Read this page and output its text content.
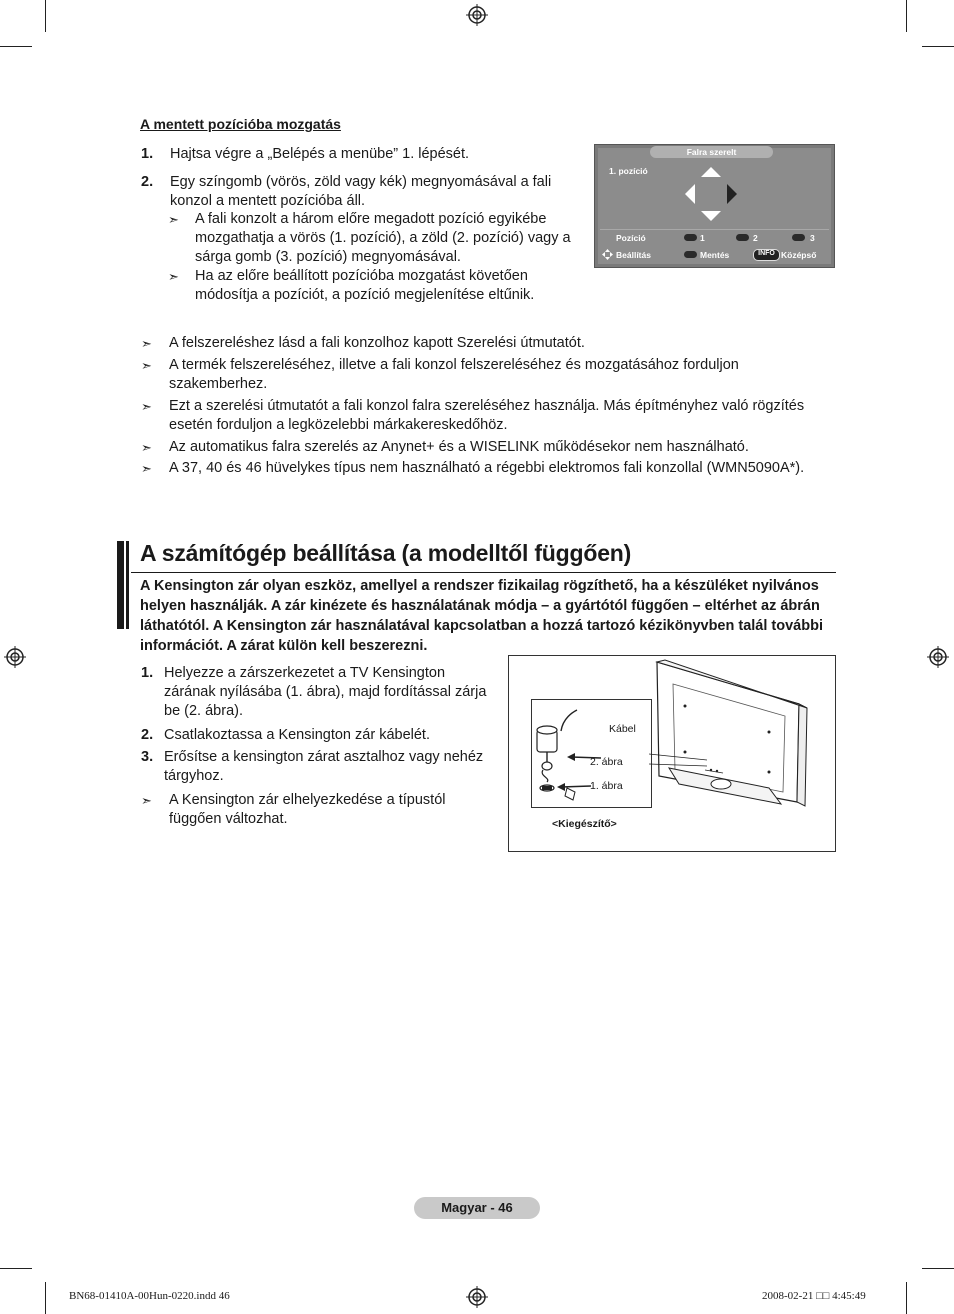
A mentett pozícióba mozgatás
1. Hajtsa végre a „Belépés a menübe” 1. lépését.
2. Egy színgomb (vörös, zöld vagy kék) megnyomásával a fali konzol a mentett pozícióba áll.
➣	A fali konzolt a három előre megadott pozíció egyikébe mozgathatja a vörös (1. pozíció), a zöld (2. pozíció) vagy a sárga gomb (3. pozíció) megnyomásával.
➣	Ha az előre beállított pozícióba mozgatást követően módosítja a pozíciót, a pozíció megjelenítése eltűnik.
Falra szerelt
1. pozíció
Pozíció	1	2	3
Beállítás	Mentés	INFO Középső
➣	A felszereléshez lásd a fali konzolhoz kapott Szerelési útmutatót.
➣	A termék felszereléséhez, illetve a fali konzol felszereléséhez és mozgatásához forduljon szakemberhez.
➣	Ezt a szerelési útmutatót a fali konzol falra szereléséhez használja. Más építményhez való rögzítés esetén forduljon a legközelebbi márkakereskedőhöz.
➣	Az automatikus falra szerelés az Anynet+ és a WISELINK működésekor nem használható.
➣	A 37, 40 és 46 hüvelykes típus nem használható a régebbi elektromos fali konzollal (WMN5090A*).
A számítógép beállítása (a modelltől függően)
A Kensington zár olyan eszköz, amellyel a rendszer fizikailag rögzíthető, ha a készüléket nyilvános helyen használják. A zár kinézete és használatának módja – a gyártótól függően – eltérhet az ábrán láthatótól. A Kensington zár használatával kapcsolatban a hozzá tartozó kézikönyvben talál további információt. A zárat külön kell beszerezni.
1. Helyezze a zárszerkezetet a TV Kensington zárának nyílásába (1. ábra), majd fordítással zárja be (2. ábra).
2. Csatlakoztassa a Kensington zár kábelét.
3. Erősítse a kensington zárat asztalhoz vagy nehéz tárgyhoz.
➣	A Kensington zár elhelyezkedése a típustól függően változhat.
Kábel
2. ábra
1. ábra
<Kiegészítő>
Magyar - 46
BN68-01410A-00Hun-0220.indd 46	2008-02-21 □□ 4:45:49
